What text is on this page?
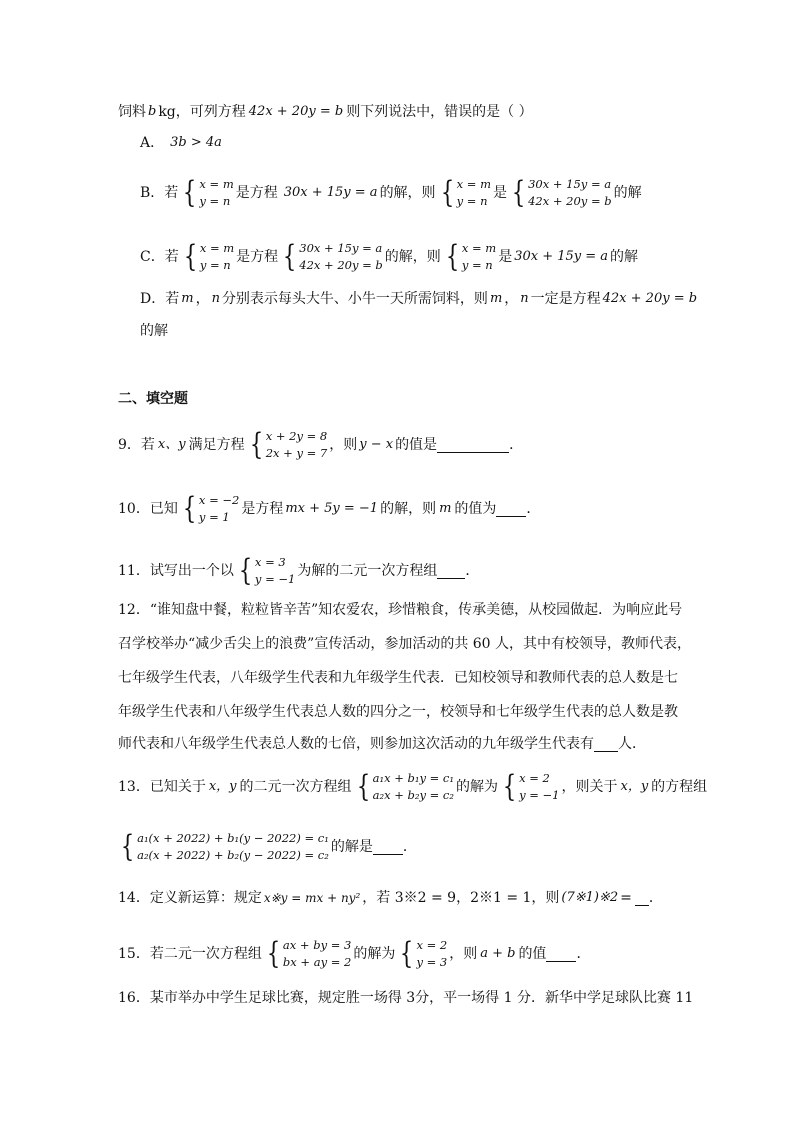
饲料 b kg，可列方程 42x + 20y = b 则下列说法中，错误的是（ ）
A． 3b > 4a
B．若 { x = m
y = n 是方程 30x + 15y = a 的解，则 { x = m
y = n 是 { 30x + 15y = a
42x + 20y = b 的解
C．若 { x = m
y = n 是方程 { 30x + 15y = a
42x + 20y = b 的解，则 { x = m
y = n 是 30x + 15y = a 的解
D．若 m ， n 分别表示每头大牛、小牛一天所需饲料，则 m ， n 一定是方程 42x + 20y = b
的解
二、填空题
9．若 x、y 满足方程 { x + 2y = 8
2x + y = 7 ，则 y − x 的值是	．
10．已知 { x = −2
y = 1 是方程 mx + 5y = −1 的解，则 m 的值为 ．
11．试写出一个以 { x = 3
y = −1 为解的二元一次方程组 ．
12．“谁知盘中餐，粒粒皆辛苦”知农爱农，珍惜粮食，传承美德，从校园做起．为响应此号
召学校举办“减少舌尖上的浪费”宣传活动，参加活动的共 60 人，其中有校领导，教师代表，
七年级学生代表，八年级学生代表和九年级学生代表．已知校领导和教师代表的总人数是七
年级学生代表和八年级学生代表总人数的四分之一，校领导和七年级学生代表的总人数是教
师代表和八年级学生代表总人数的七倍，则参加这次活动的九年级学生代表有 人．
13．已知关于 x，y 的二元一次方程组 { a₁x + b₁y = c₁
a₂x + b₂y = c₂ 的解为 { x = 2
y = −1 ，则关于 x，y 的方程组
{ a₁(x + 2022) + b₁(y − 2022) = c₁
a₂(x + 2022) + b₂(y − 2022) = c₂ 的解是 ．
14．定义新运算：规定 x※y = mx + ny² ，若 3※2 = 9，2※1 = 1，则 (7※1)※2 = ．
15．若二元一次方程组 { ax + by = 3
bx + ay = 2 的解为 { x = 2
y = 3 ，则 a + b 的值 ．
16．某市举办中学生足球比赛，规定胜一场得 3分，平一场得 1 分．新华中学足球队比赛 11
